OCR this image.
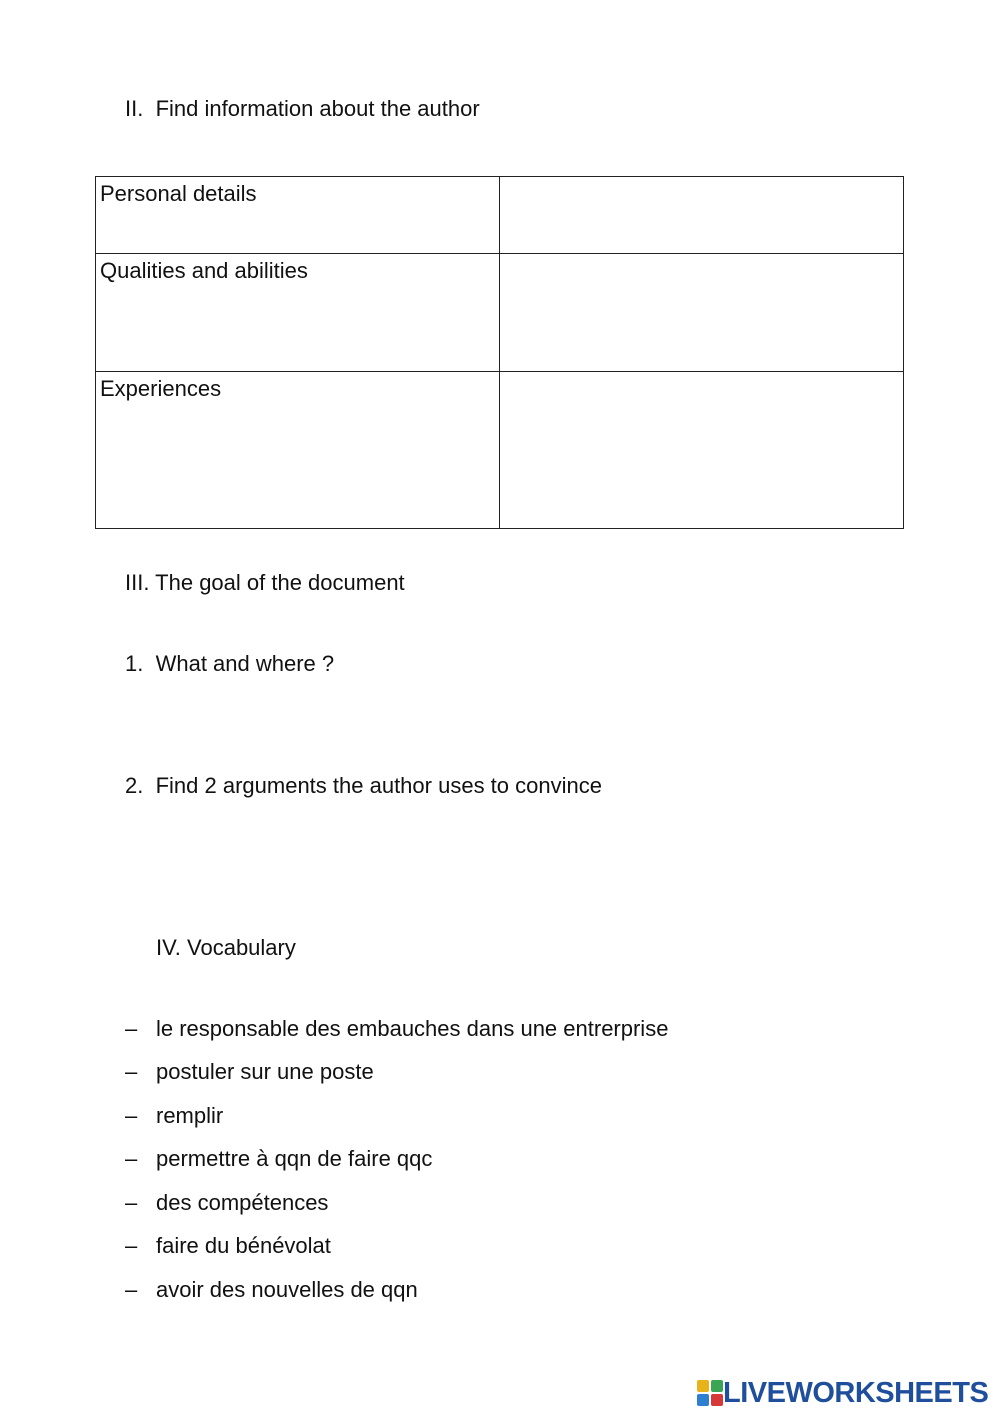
II. Find information about the author
Personal details	
Qualities and abilities	
Experiences	
III. The goal of the document
1. What and where ?
2. Find 2 arguments the author uses to convince
IV. Vocabulary
– le responsable des embauches dans une entrerprise
– postuler sur une poste
– remplir
– permettre à qqn de faire qqc
– des compétences
– faire du bénévolat
– avoir des nouvelles de qqn
LIVEWORKSHEETS
